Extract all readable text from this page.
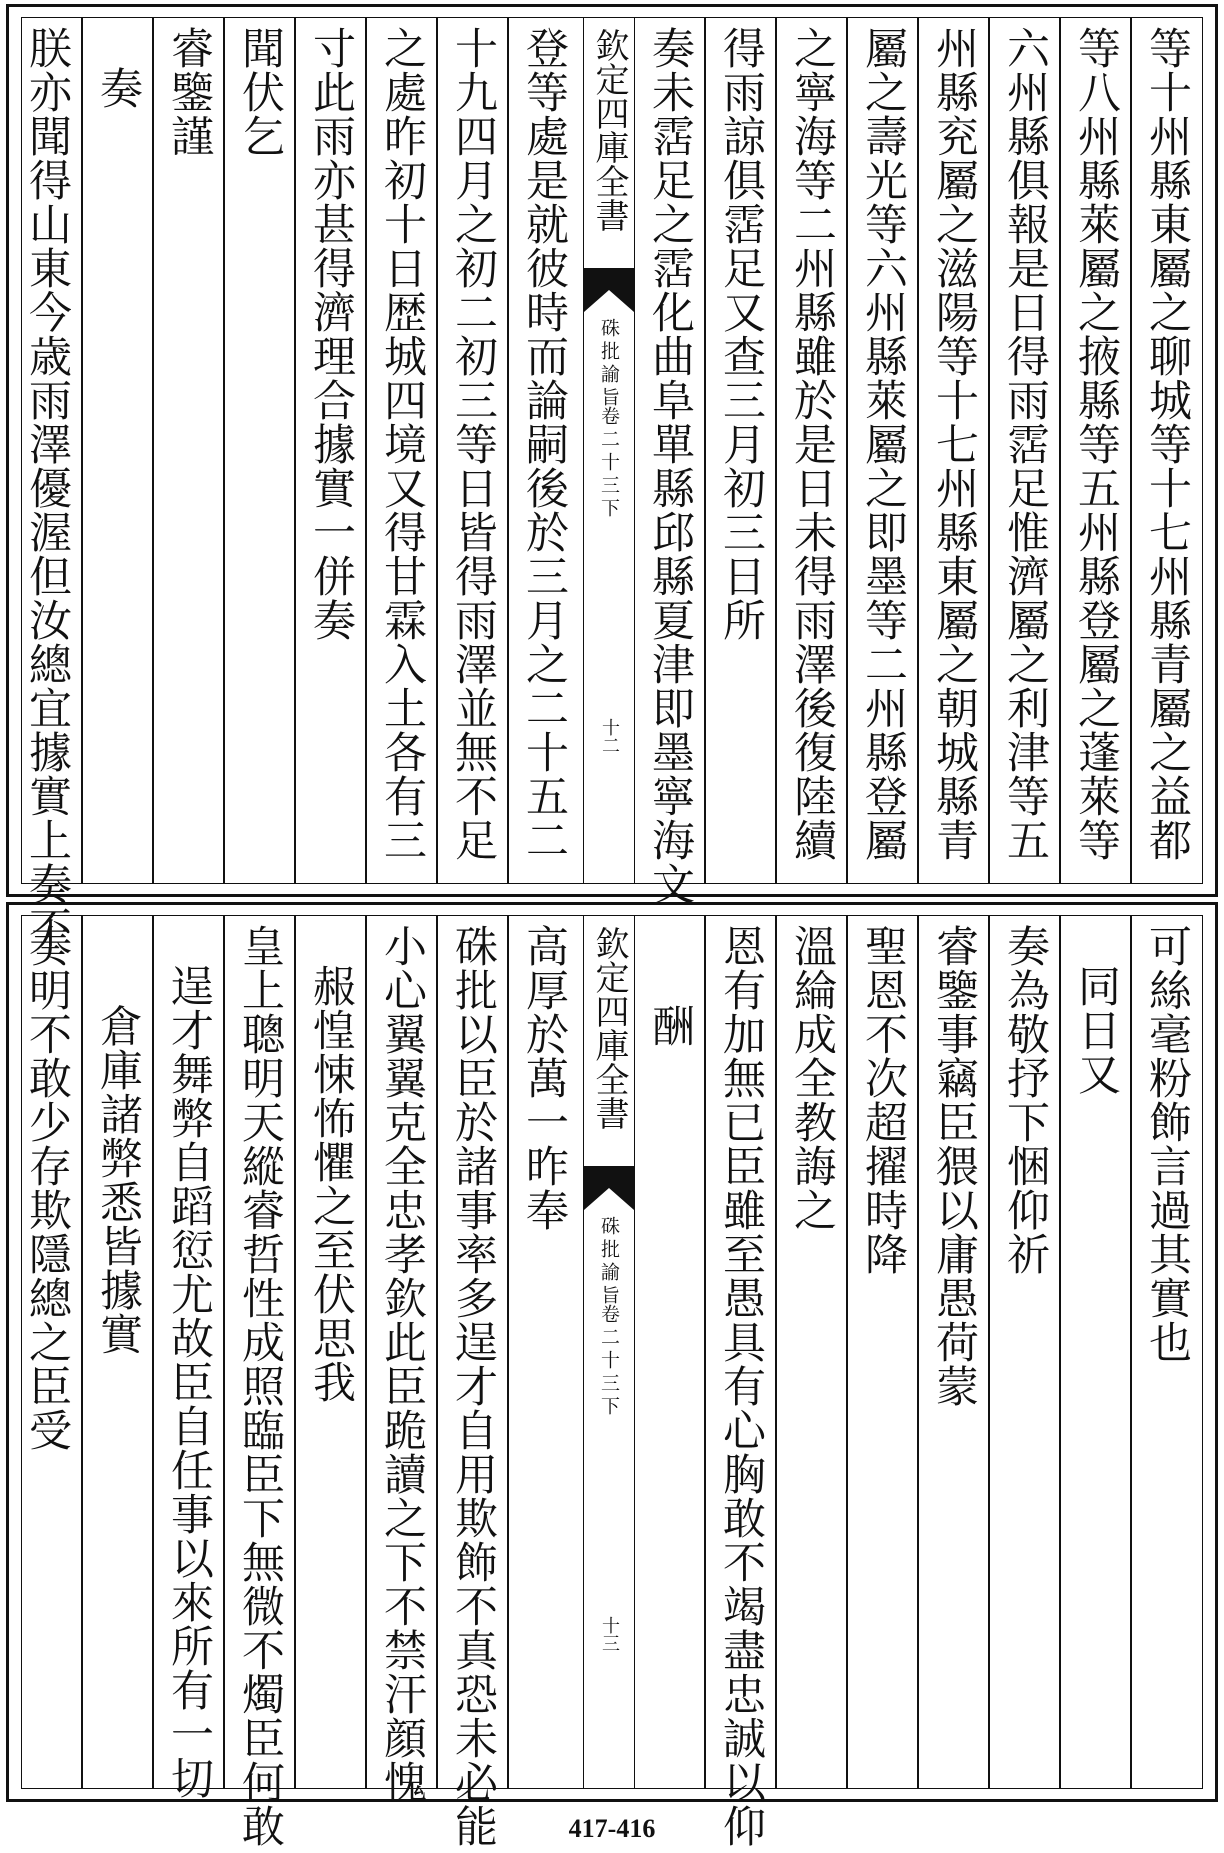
等十州縣東屬之聊城等十七州縣青屬之益都
等八州縣萊屬之掖縣等五州縣登屬之蓬萊等
六州縣俱報是日得雨霑足惟濟屬之利津等五
州縣兖屬之滋陽等十七州縣東屬之朝城縣青
屬之壽光等六州縣萊屬之即墨等二州縣登屬
之寧海等二州縣雖於是日未得雨澤後復陸續
得雨諒俱霑足又查三月初三日所
奏未霑足之霑化曲阜單縣邱縣夏津即墨寧海文
欽定四庫全書
硃批諭旨
卷二十三下
十二
登等處是就彼時而論嗣後於三月之二十五二
十九四月之初二初三等日皆得雨澤並無不足
之處昨初十日歴城四境又得甘霖入土各有三
寸此雨亦甚得濟理合據實一併奏
聞伏乞
睿鑒謹
奏
朕亦聞得山東今歳雨澤優渥但汝總宜據實上奏不
可絲毫粉飾言過其實也
同日又
奏為敬抒下悃仰祈
睿鑒事竊臣猥以庸愚荷蒙
聖恩不次超擢時降
溫綸成全教誨之
恩有加無已臣雖至愚具有心胸敢不竭盡忠誠以仰
酬
欽定四庫全書
硃批諭旨
卷二十三下
十三
高厚於萬一昨奉
硃批以臣於諸事率多逞才自用欺飾不真恐未必能
小心翼翼克全忠孝欽此臣跪讀之下不禁汗顔愧
赧惶悚怖懼之至伏思我
皇上聰明天縱睿哲性成照臨臣下無微不燭臣何敢
逞才舞弊自蹈愆尤故臣自任事以來所有一切
倉庫諸弊悉皆據實
奏明不敢少存欺隱總之臣受
417-416
